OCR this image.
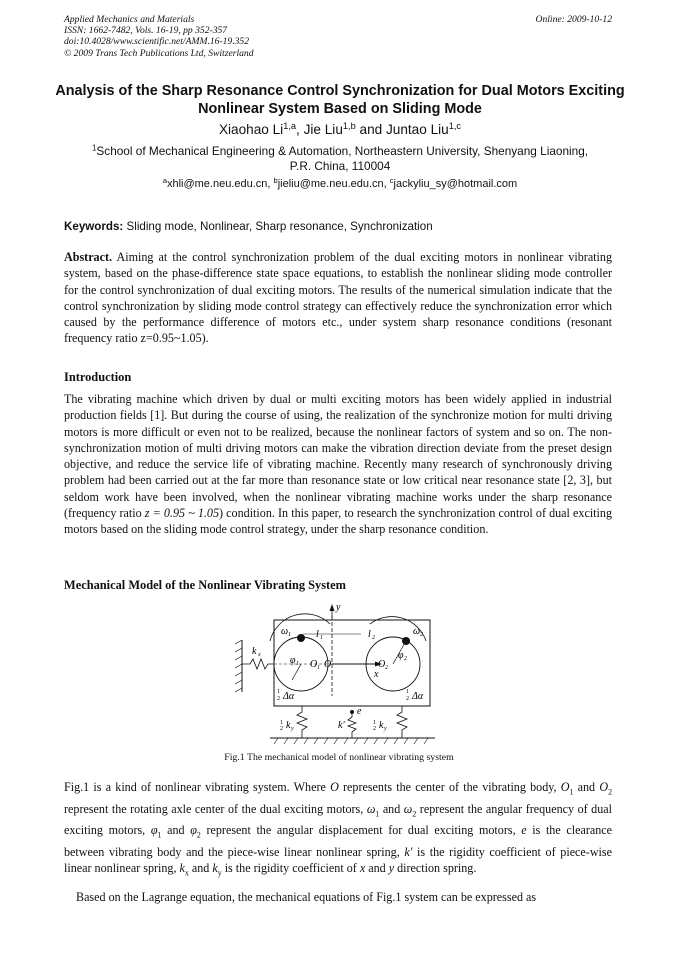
Applied Mechanics and Materials
ISSN: 1662-7482, Vols. 16-19, pp 352-357
doi:10.4028/www.scientific.net/AMM.16-19.352
© 2009 Trans Tech Publications Ltd, Switzerland
Online: 2009-10-12
Analysis of the Sharp Resonance Control Synchronization for Dual Motors Exciting Nonlinear System Based on Sliding Mode
Xiaohao Li$^{1,a}$, Jie Liu$^{1,b}$ and Juntao Liu$^{1,c}$
$^1$School of Mechanical Engineering & Automation, Northeastern University, Shenyang Liaoning,
P.R. China, 110004
$^a$xhli@me.neu.edu.cn, $^b$jieliu@me.neu.edu.cn, $^c$jackyliu_sy@hotmail.com
Keywords: Sliding mode, Nonlinear, Sharp resonance, Synchronization
Abstract. Aiming at the control synchronization problem of the dual exciting motors in nonlinear vibrating system, based on the phase-difference state space equations, to establish the nonlinear sliding mode controller for the control synchronization of dual exciting motors. The results of the numerical simulation indicate that the control synchronization by sliding mode control strategy can effectively reduce the synchronization error which caused by the performance difference of motors etc., under system sharp resonance conditions (resonant frequency ratio z=0.95~1.05).
Introduction
The vibrating machine which driven by dual or multi exciting motors has been widely applied in industrial production fields [1]. But during the course of using, the realization of the synchronize motion for multi driving motors is more difficult or even not to be realized, because the nonlinear factors of system and so on. The non-synchronization motion of multi driving motors can make the vibration direction deviate from the preset design objective, and reduce the service life of vibrating machine. Recently many research of synchronously driving problem had been carried out at the far more than resonance state or low critical near resonance state [2, 3], but seldom work have been involved, when the nonlinear vibrating machine works under the sharp resonance (frequency ratio z = 0.95 ~ 1.05) condition. In this paper, to research the synchronization control of dual exciting motors based on the sliding mode control strategy, under the sharp resonance condition.
Mechanical Model of the Nonlinear Vibrating System
y
x
O
O 1	O 2
ω 1	ω 2
l 1	l 2
φ 1
φ 2
k x
1
2 Δα	1
2 Δα
1
2 k y
1
2 k y
k'
e
Fig.1 The mechanical model of nonlinear vibrating system
Fig.1 is a kind of nonlinear vibrating system. Where O represents the center of the vibrating body, $O_1$ and $O_2$ represent the rotating axle center of the dual exciting motors, $\omega_1$ and $\omega_2$ represent the angular frequency of dual exciting motors, $\varphi_1$ and $\varphi_2$ represent the angular displacement for dual exciting motors, e is the clearance between vibrating body and the piece-wise linear nonlinear spring, k' is the rigidity coefficient of piece-wise linear nonlinear spring, $k_x$ and $k_y$ is the rigidity coefficient of x and y direction spring.
Based on the Lagrange equation, the mechanical equations of Fig.1 system can be expressed as
